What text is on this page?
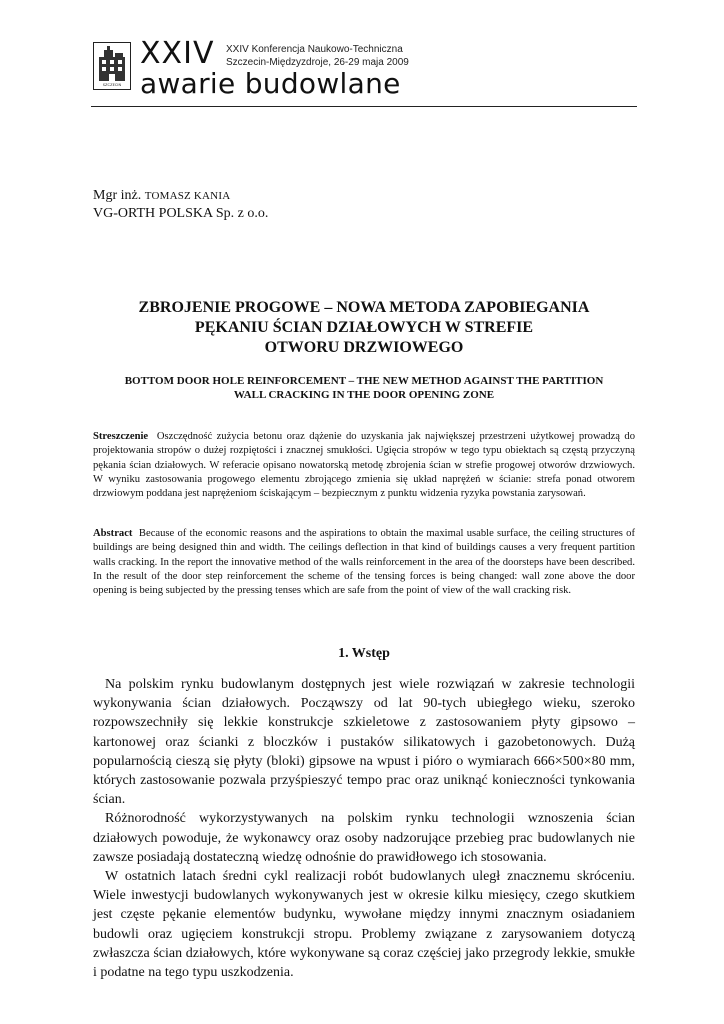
SZCZECIN
XXIV XXIV Konferencja Naukowo-Techniczna
Szczecin-Międzyzdroje, 26-29 maja 2009
awarie budowlane
Mgr inż. TOMASZ KANIA
VG-ORTH POLSKA Sp. z o.o.
ZBROJENIE PROGOWE – NOWA METODA ZAPOBIEGANIA
PĘKANIU ŚCIAN DZIAŁOWYCH W STREFIE
OTWORU DRZWIOWEGO
BOTTOM DOOR HOLE REINFORCEMENT – THE NEW METHOD AGAINST THE PARTITION
WALL CRACKING IN THE DOOR OPENING ZONE
Streszczenie Oszczędność zużycia betonu oraz dążenie do uzyskania jak największej przestrzeni użytkowej prowadzą do projektowania stropów o dużej rozpiętości i znacznej smukłości. Ugięcia stropów w tego typu obiektach są częstą przyczyną pękania ścian działowych. W referacie opisano nowatorską metodę zbrojenia ścian w strefie progowej otworów drzwiowych. W wyniku zastosowania progowego elementu zbrojącego zmienia się układ naprężeń w ścianie: strefa ponad otworem drzwiowym poddana jest naprężeniom ściskającym – bezpiecznym z punktu widzenia ryzyka powstania zarysowań.
Abstract Because of the economic reasons and the aspirations to obtain the maximal usable surface, the ceiling structures of buildings are being designed thin and width. The ceilings deflection in that kind of buildings causes a very frequent partition walls cracking. In the report the innovative method of the walls reinforcement in the area of the doorsteps have been described. In the result of the door step reinforcement the scheme of the tensing forces is being changed: wall zone above the door opening is being subjected by the pressing tenses which are safe from the point of view of the wall cracking risk.
1. Wstęp

Na polskim rynku budowlanym dostępnych jest wiele rozwiązań w zakresie technologii wykonywania ścian działowych. Począwszy od lat 90-tych ubiegłego wieku, szeroko rozpowszechniły się lekkie konstrukcje szkieletowe z zastosowaniem płyty gipsowo – kartonowej oraz ścianki z bloczków i pustaków silikatowych i gazobetonowych. Dużą popularnością cieszą się płyty (bloki) gipsowe na wpust i pióro o wymiarach 666×500×80 mm, których zastosowanie pozwala przyśpieszyć tempo prac oraz uniknąć konieczności tynkowania ścian.

Różnorodność wykorzystywanych na polskim rynku technologii wznoszenia ścian działowych powoduje, że wykonawcy oraz osoby nadzorujące przebieg prac budowlanych nie zawsze posiadają dostateczną wiedzę odnośnie do prawidłowego ich stosowania.

W ostatnich latach średni cykl realizacji robót budowlanych uległ znacznemu skróceniu. Wiele inwestycji budowlanych wykonywanych jest w okresie kilku miesięcy, czego skutkiem jest częste pękanie elementów budynku, wywołane między innymi znacznym osiadaniem budowli oraz ugięciem konstrukcji stropu. Problemy związane z zarysowaniem dotyczą zwłaszcza ścian działowych, które wykonywane są coraz częściej jako przegrody lekkie, smukłe i podatne na tego typu uszkodzenia.
